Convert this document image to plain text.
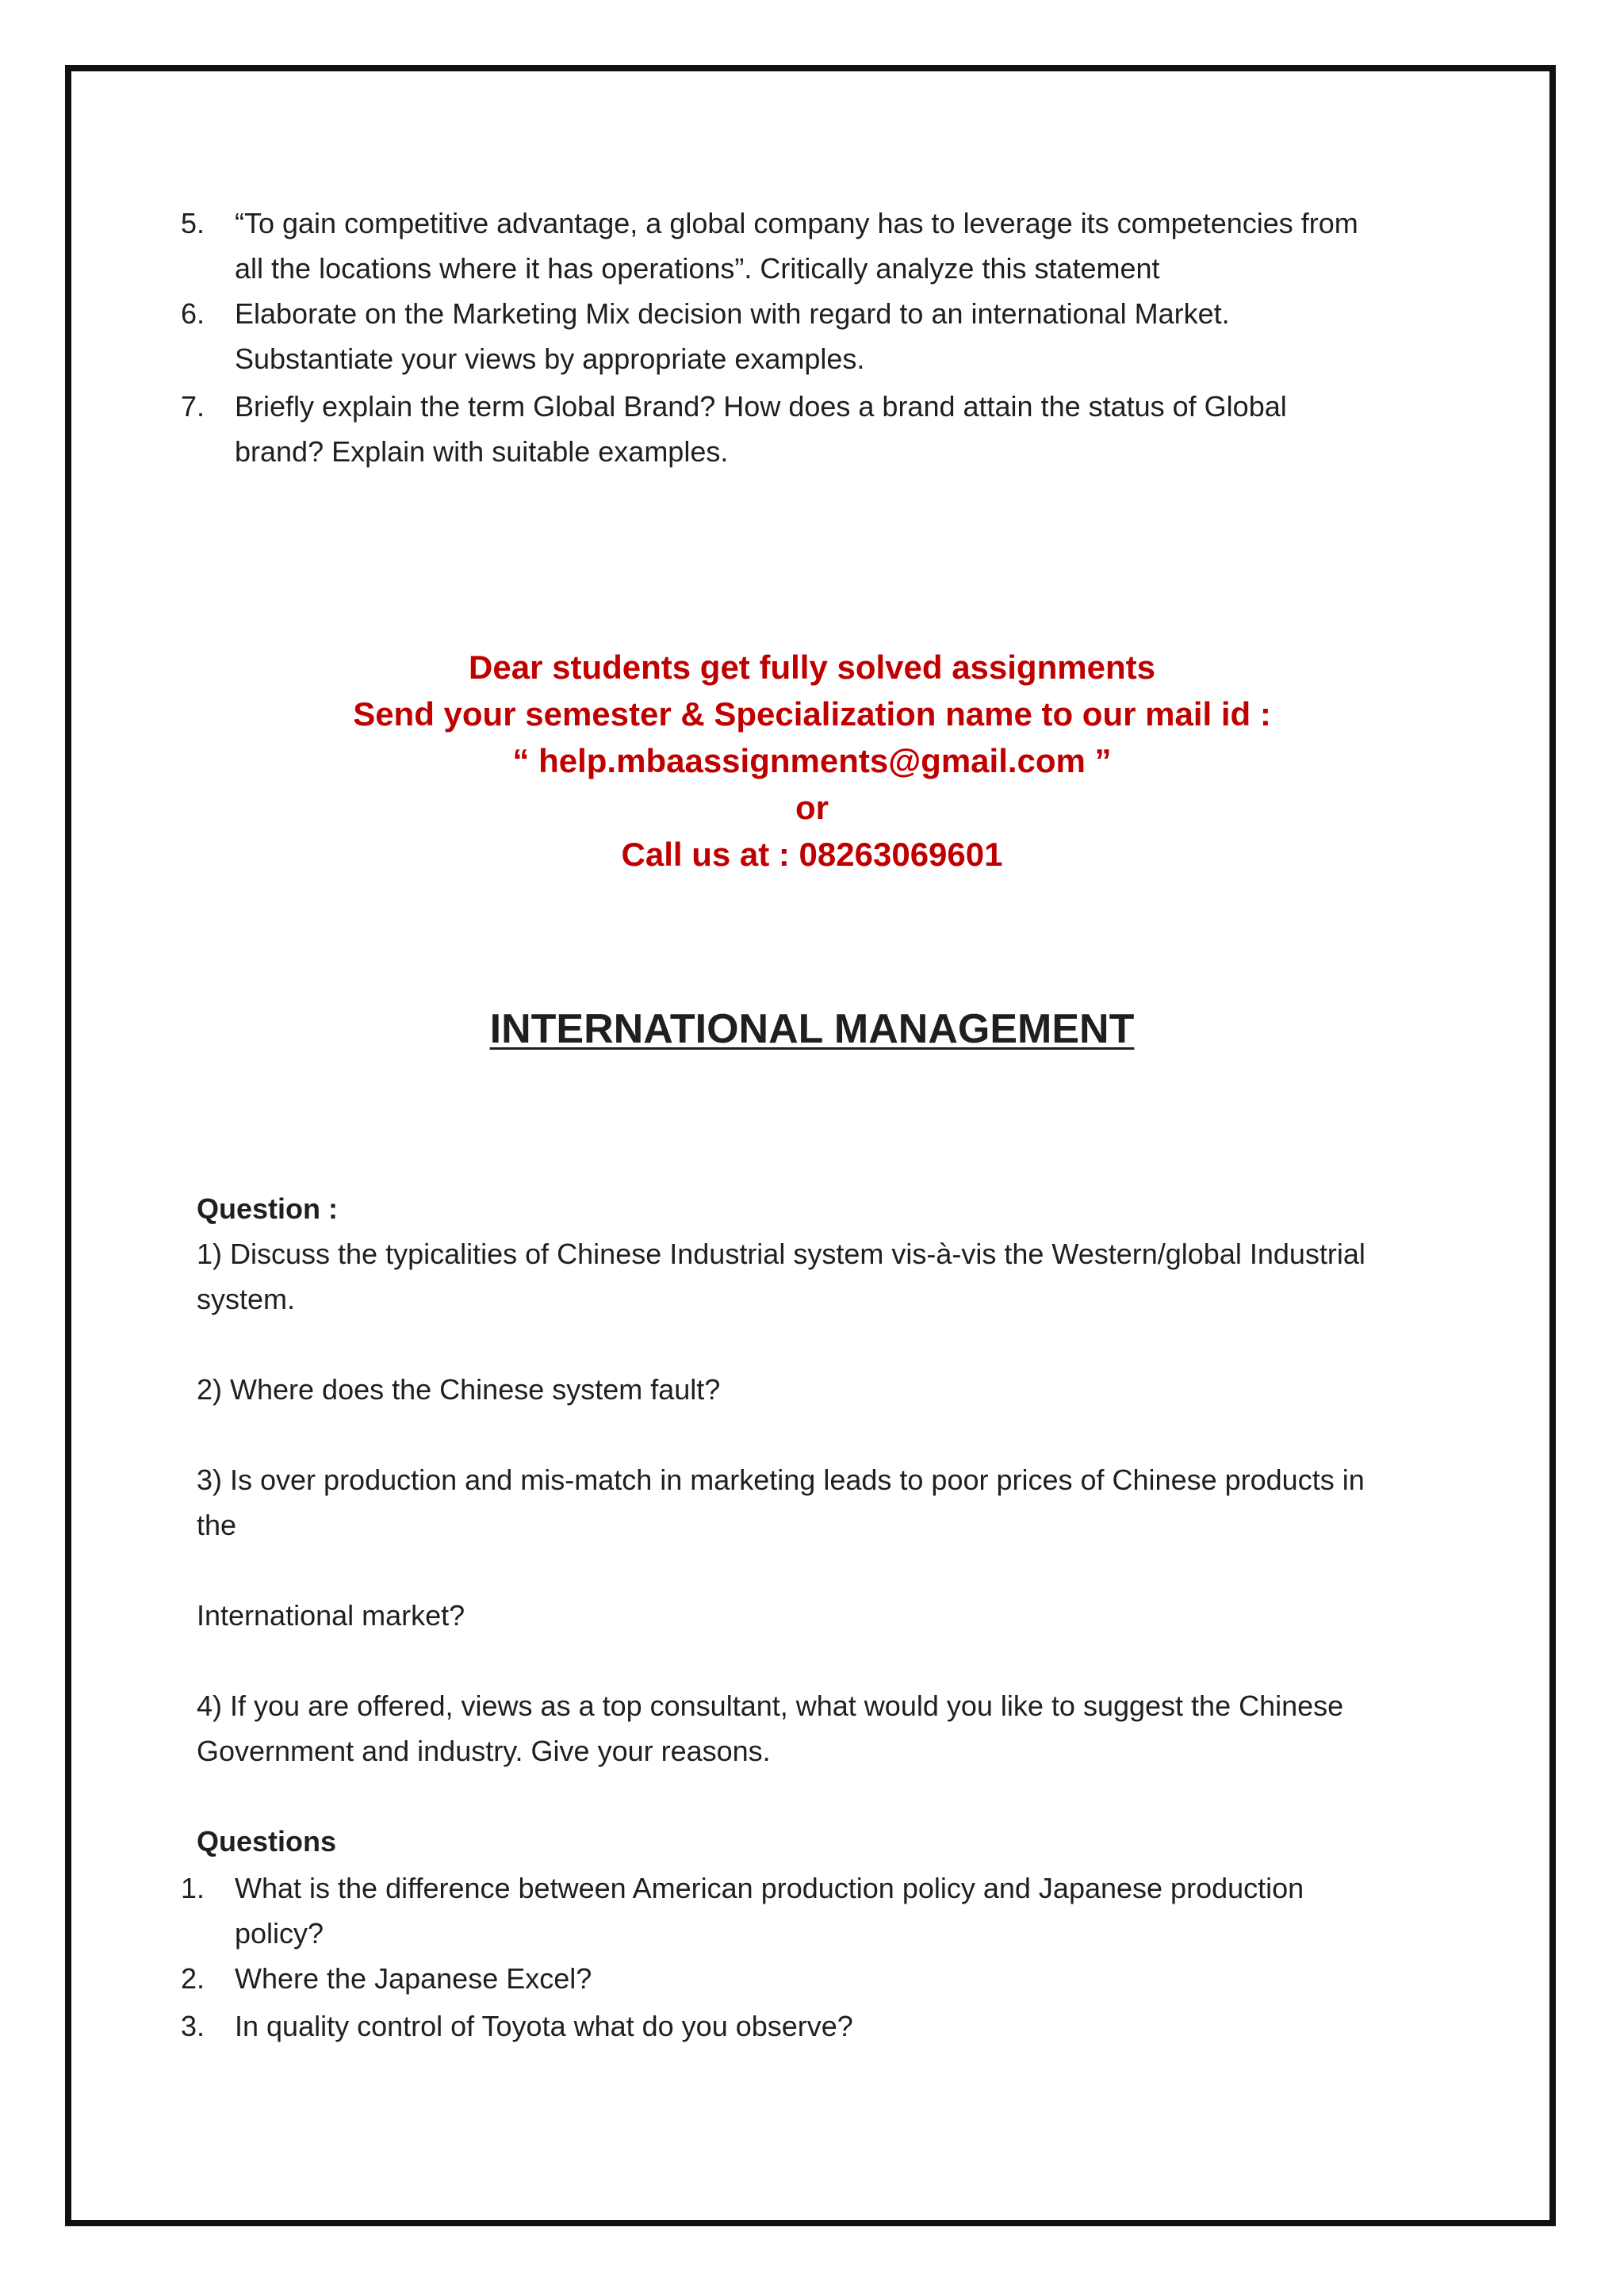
5. “To gain competitive advantage, a global company has to leverage its competencies from
all the locations where it has operations”. Critically analyze this statement
6. Elaborate on the Marketing Mix decision with regard to an international Market.
Substantiate your views by appropriate examples.
7. Briefly explain the term Global Brand? How does a brand attain the status of Global
brand? Explain with suitable examples.
Dear students get fully solved assignments
Send your semester & Specialization name to our mail id :
“ help.mbaassignments@gmail.com ”
or
Call us at : 08263069601
INTERNATIONAL MANAGEMENT

Question :

1) Discuss the typicalities of Chinese Industrial system vis-à-vis the Western/global Industrial

system.

2) Where does the Chinese system fault?

3) Is over production and mis-match in marketing leads to poor prices of Chinese products in

the

International market?

4) If you are offered, views as a top consultant, what would you like to suggest the Chinese

Government and industry. Give your reasons.

Questions

1. What is the difference between American production policy and Japanese production
policy?
2. Where the Japanese Excel?
3. In quality control of Toyota what do you observe?
